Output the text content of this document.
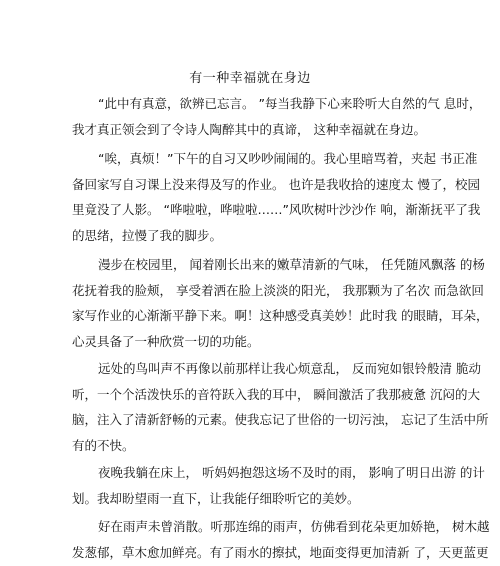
有一种幸福就在身边
“此中有真意，欲辨已忘言。 ”每当我静下心来聆听大自然的气 息时，
我才真正领会到了令诗人陶醉其中的真谛， 这种幸福就在身边。
“唉，真烦！”下午的自习又吵吵闹闹的。我心里暗骂着，夹起 书正准
备回家写自习课上没来得及写的作业。 也许是我收拾的速度太 慢了，校园
里竟没了人影。 “哗啦啦，哗啦啦……”风吹树叶沙沙作 响，渐渐抚平了我
的思绪，拉慢了我的脚步。
漫步在校园里， 闻着刚长出来的嫩草清新的气味， 任凭随风飘落 的杨
花抚着我的脸颊， 享受着洒在脸上淡淡的阳光， 我那颗为了名次 而急欲回
家写作业的心渐渐平静下来。啊！这种感受真美妙！此时我 的眼睛，耳朵，
心灵具备了一种欣赏一切的功能。
远处的鸟叫声不再像以前那样让我心烦意乱， 反而宛如银铃般清 脆动
听，一个个活泼快乐的音符跃入我的耳中， 瞬间激活了我那疲惫 沉闷的大
脑，注入了清新舒畅的元素。使我忘记了世俗的一切污浊， 忘记了生活中所
有的不快。
夜晚我躺在床上， 听妈妈抱怨这场不及时的雨， 影响了明日出游 的计
划。我却盼望雨一直下，让我能仔细聆听它的美妙。
好在雨声未曾消散。听那连绵的雨声，仿佛看到花朵更加娇艳， 树木越
发葱郁，草木愈加鲜亮。有了雨水的擦拭，地面变得更加清新 了，天更蓝更
